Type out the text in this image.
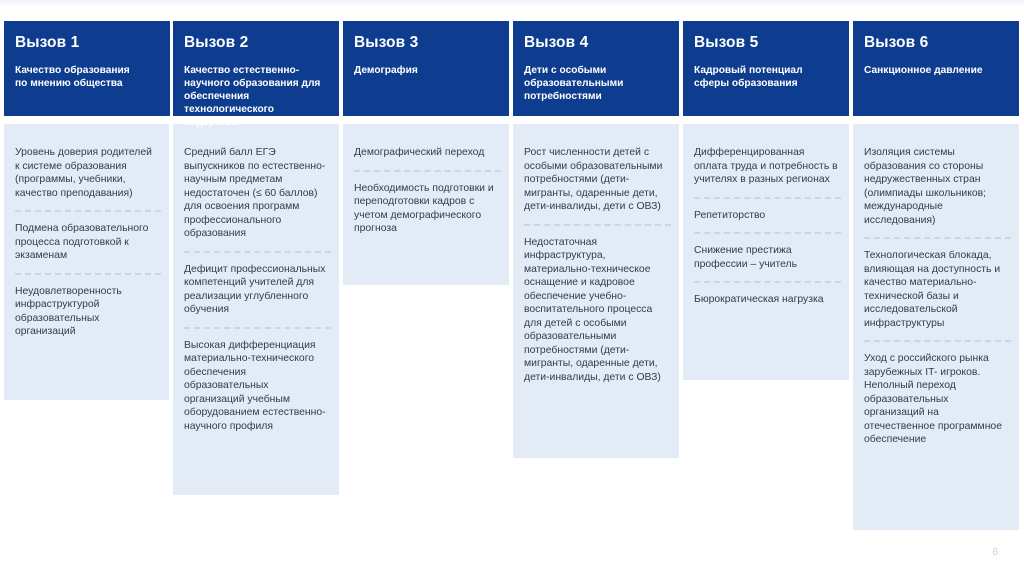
Вызов 1
Качество образования по мнению общества
Уровень доверия родителей к системе образования (программы, учебники, качество преподавания)
Подмена образовательного процесса подготовкой к экзаменам
Неудовлетворенность инфраструктурой образовательных организаций
Вызов 2
Качество естественно-научного образования для обеспечения технологического лидерства
Средний балл ЕГЭ выпускников по естественно-научным предметам недостаточен (≤ 60 баллов) для освоения программ профессионального образования
Дефицит профессиональных компетенций учителей для реализации углубленного обучения
Высокая дифференциация материально-технического обеспечения образовательных организаций учебным оборудованием естественно-научного профиля
Вызов 3
Демография
Демографический переход
Необходимость подготовки и переподготовки кадров с учетом демографического прогноза
Вызов 4
Дети с особыми образовательными потребностями
Рост численности детей с особыми образовательными потребностями (дети-мигранты, одаренные дети, дети-инвалиды, дети с ОВЗ)
Недостаточная инфраструктура, материально-техническое оснащение и кадровое обеспечение учебно-воспитательного процесса для детей с особыми образовательными потребностями (дети-мигранты, одаренные дети, дети-инвалиды, дети с ОВЗ)
Вызов 5
Кадровый потенциал сферы образования
Дифференцированная оплата труда и потребность в учителях в разных регионах
Репетиторство
Снижение престижа профессии – учитель
Бюрократическая нагрузка
Вызов 6
Санкционное давление
Изоляция системы образования со стороны недружественных стран (олимпиады школьников; международные исследования)
Технологическая блокада, влияющая на доступность и качество материально-технической базы и исследовательской инфраструктуры
Уход с российского рынка зарубежных IT- игроков. Неполный переход образовательных организаций на отечественное программное обеспечение
6
